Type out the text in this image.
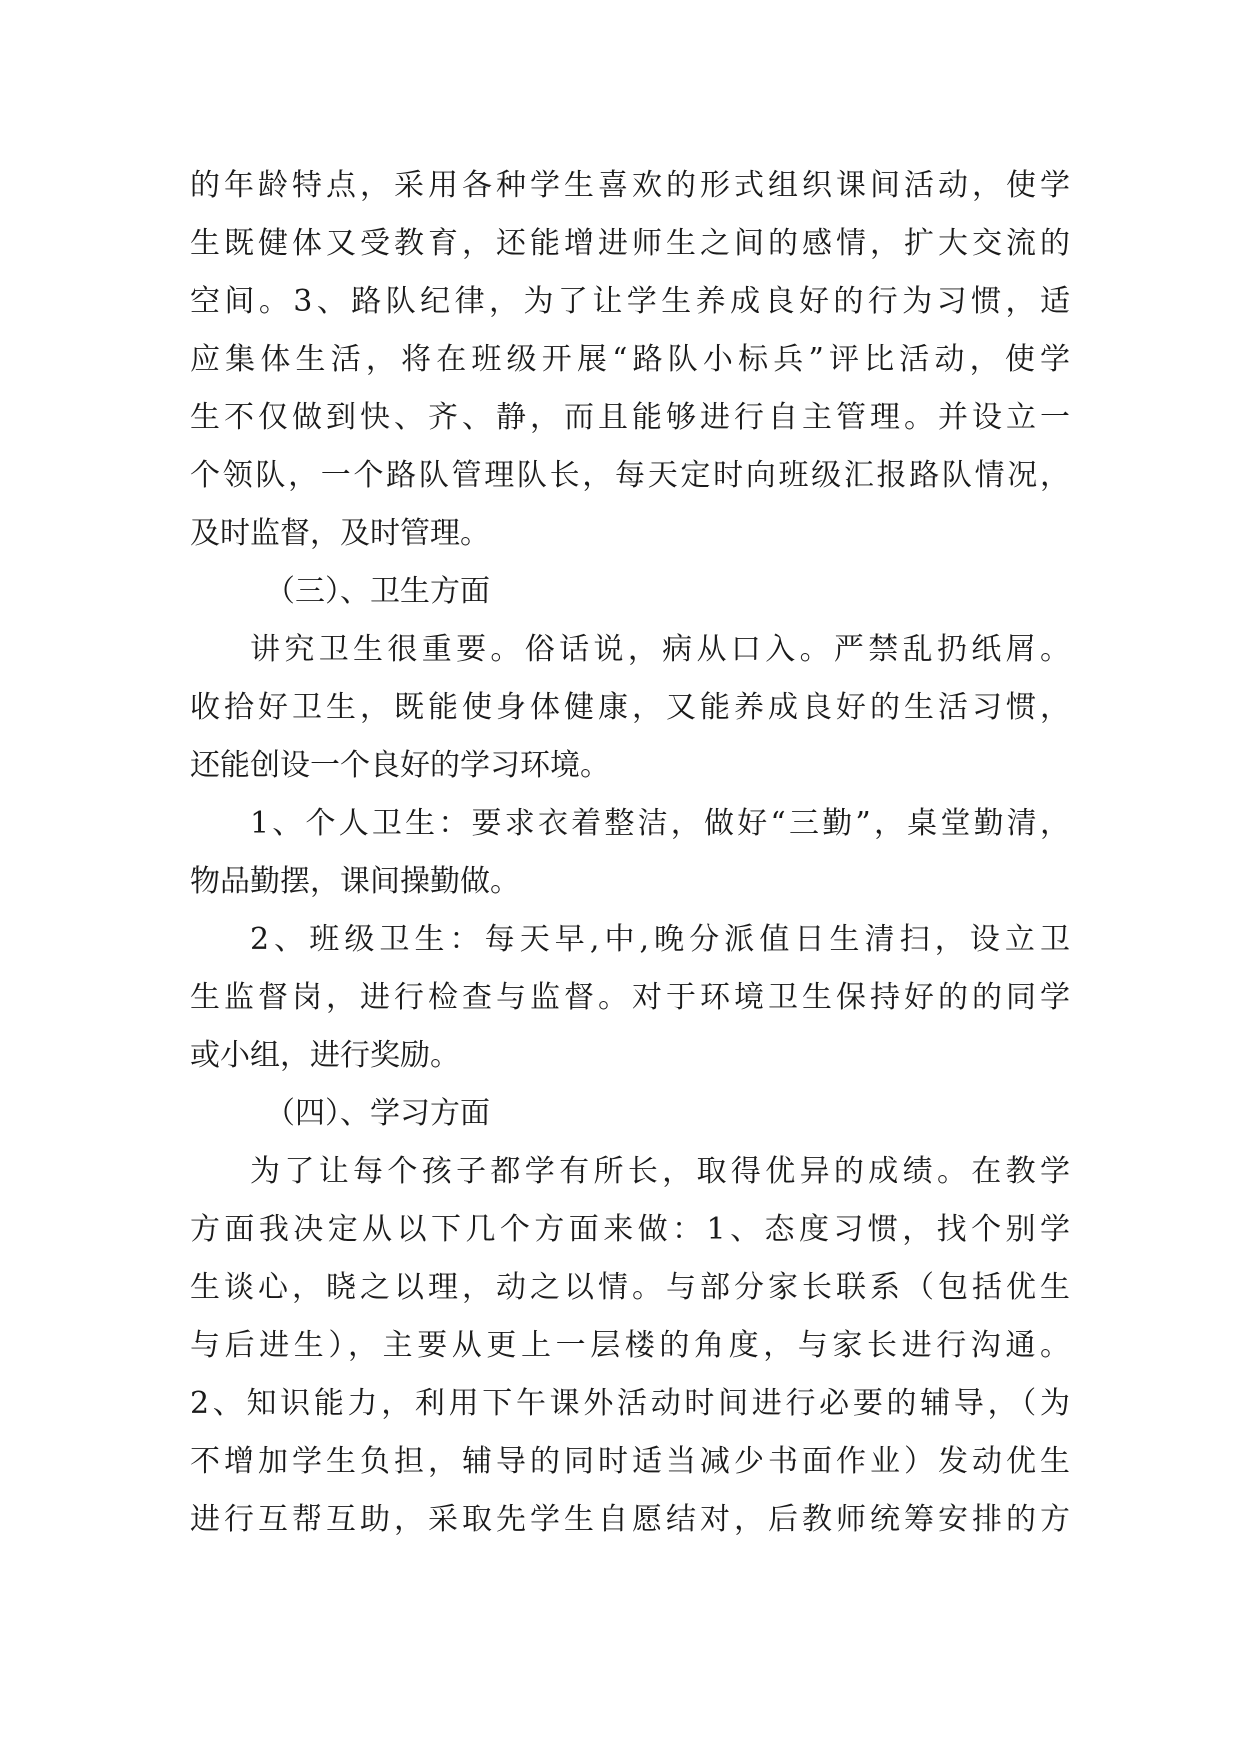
的年龄特点，采用各种学生喜欢的形式组织课间活动，使学
生既健体又受教育，还能增进师生之间的感情，扩大交流的
空间。3、路队纪律，为了让学生养成良好的行为习惯，适
应集体生活，将在班级开展“路队小标兵”评比活动，使学
生不仅做到快、齐、静，而且能够进行自主管理。并设立一
个领队，一个路队管理队长，每天定时向班级汇报路队情况，
及时监督，及时管理。
（三）、卫生方面
讲究卫生很重要。俗话说，病从口入。严禁乱扔纸屑。
收拾好卫生，既能使身体健康，又能养成良好的生活习惯，
还能创设一个良好的学习环境。
1、个人卫生：要求衣着整洁，做好“三勤”，桌堂勤清，
物品勤摆，课间操勤做。
2、班级卫生：每天早,中,晚分派值日生清扫，设立卫
生监督岗，进行检查与监督。对于环境卫生保持好的的同学
或小组，进行奖励。
（四）、学习方面
为了让每个孩子都学有所长，取得优异的成绩。在教学
方面我决定从以下几个方面来做：1、态度习惯，找个别学
生谈心，晓之以理，动之以情。与部分家长联系（包括优生
与后进生），主要从更上一层楼的角度，与家长进行沟通。
2、知识能力，利用下午课外活动时间进行必要的辅导，（为
不增加学生负担，辅导的同时适当减少书面作业）发动优生
进行互帮互助，采取先学生自愿结对，后教师统筹安排的方
